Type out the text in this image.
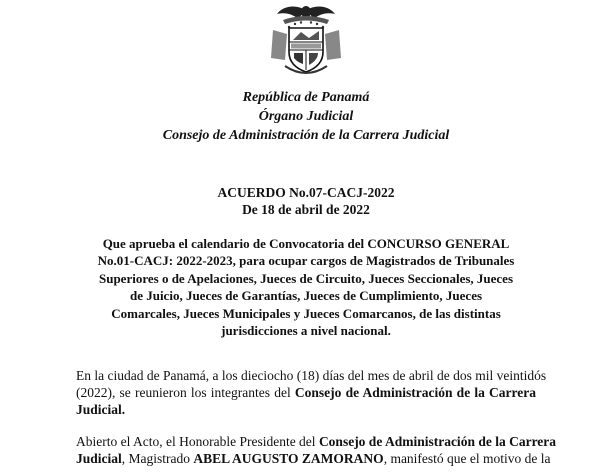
República de Panamá
Órgano Judicial
Consejo de Administración de la Carrera Judicial
ACUERDO No.07-CACJ-2022
De 18 de abril de 2022
Que aprueba el calendario de Convocatoria del CONCURSO GENERAL
No.01-CACJ: 2022-2023, para ocupar cargos de Magistrados de Tribunales
Superiores o de Apelaciones, Jueces de Circuito, Jueces Seccionales, Jueces
de Juicio, Jueces de Garantías, Jueces de Cumplimiento, Jueces
Comarcales, Jueces Municipales y Jueces Comarcanos, de las distintas
jurisdicciones a nivel nacional.
En la ciudad de Panamá, a los dieciocho (18) días del mes de abril de dos mil veintidós
(2022), se reunieron los integrantes del Consejo de Administración de la Carrera
Judicial.
Abierto el Acto, el Honorable Presidente del Consejo de Administración de la Carrera
Judicial, Magistrado ABEL AUGUSTO ZAMORANO, manifestó que el motivo de la
